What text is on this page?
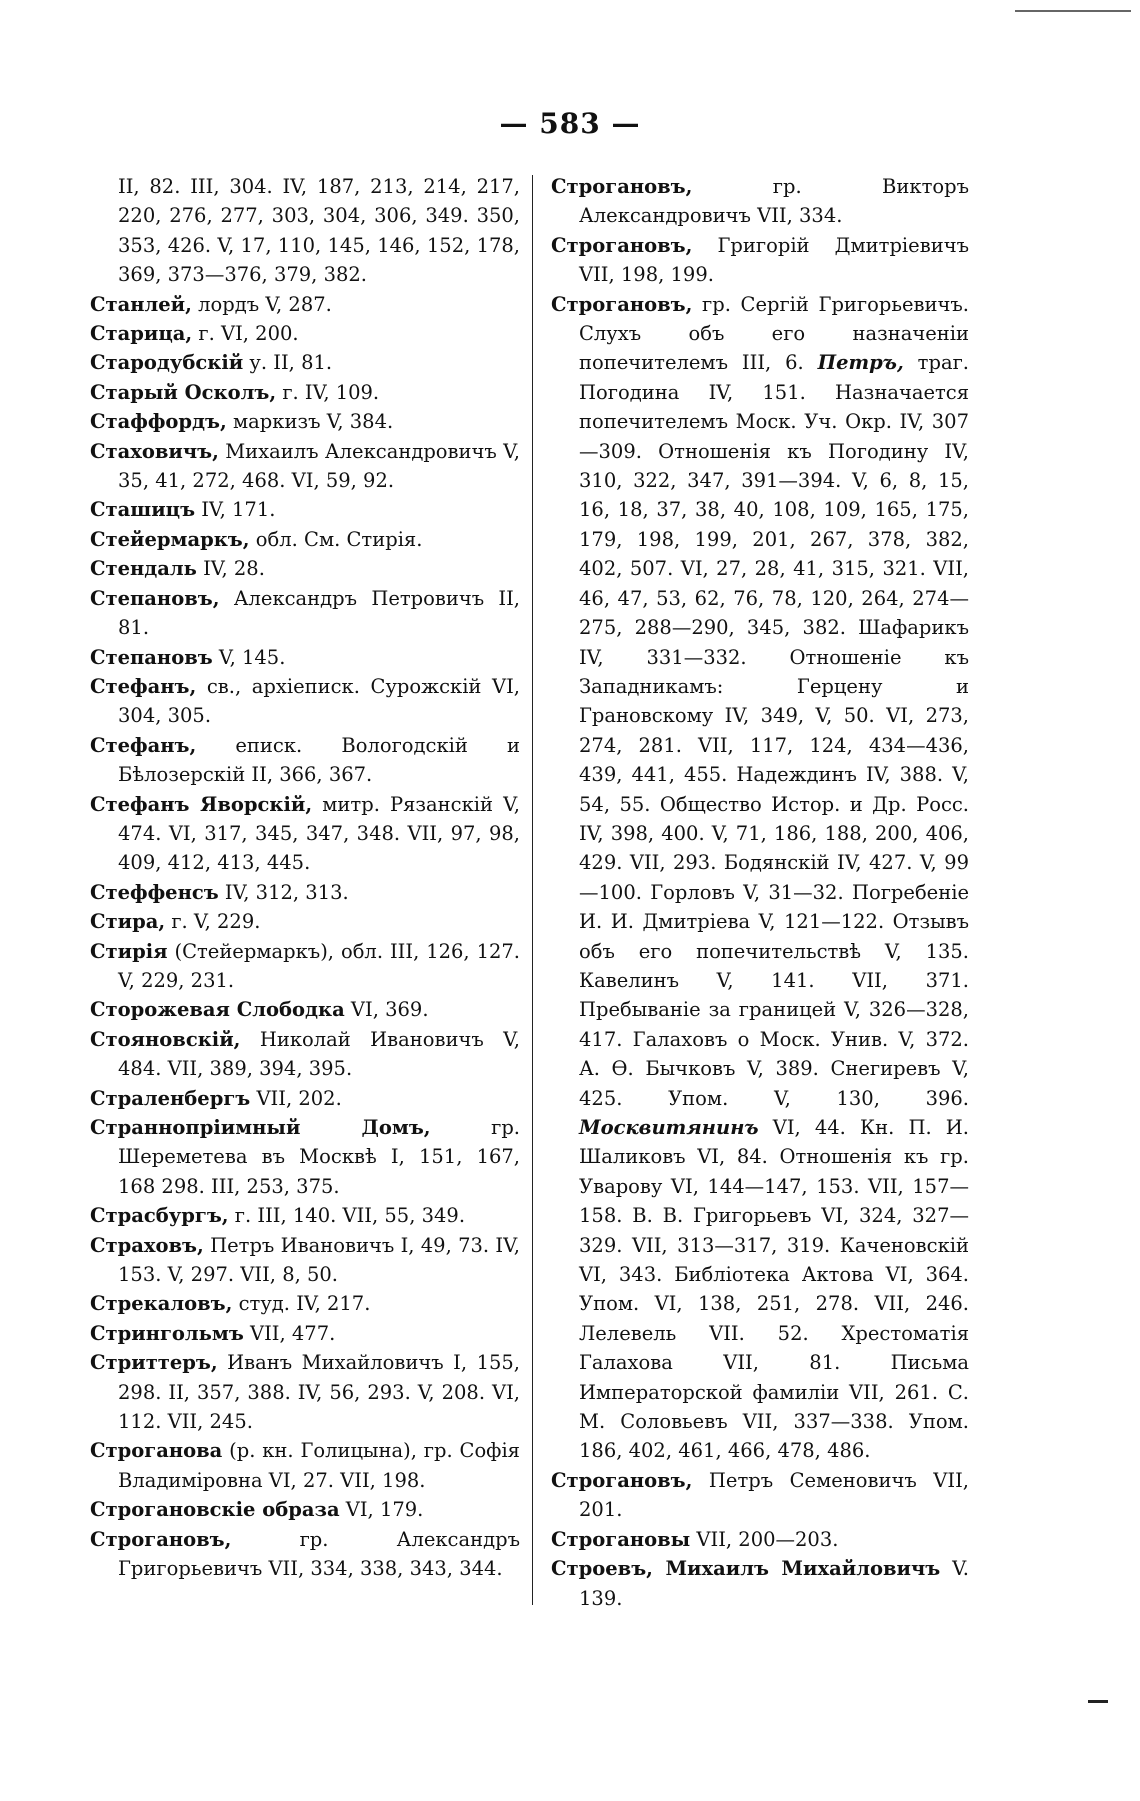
— 583 —
II, 82. III, 304. IV, 187, 213, 214, 217, 220, 276, 277, 303, 304, 306, 349. 350, 353, 426. V, 17, 110, 145, 146, 152, 178, 369, 373—376, 379, 382.
Станлей, лордъ V, 287.
Старица, г. VI, 200.
Стародубскій у. II, 81.
Старый Осколъ, г. IV, 109.
Стаффордъ, маркизъ V, 384.
Стаховичъ, Михаилъ Александровичъ V, 35, 41, 272, 468. VI, 59, 92.
Сташицъ IV, 171.
Стейермаркъ, обл. См. Стирія.
Стендаль IV, 28.
Степановъ, Александръ Петровичъ II, 81.
Степановъ V, 145.
Стефанъ, св., архіеписк. Сурожскій VI, 304, 305.
Стефанъ, еписк. Вологодскій и Бѣлозерскій II, 366, 367.
Стефанъ Яворскій, митр. Рязанскій V, 474. VI, 317, 345, 347, 348. VII, 97, 98, 409, 412, 413, 445.
Стеффенсъ IV, 312, 313.
Стира, г. V, 229.
Стирія (Стейермаркъ), обл. III, 126, 127. V, 229, 231.
Сторожевая Слободка VI, 369.
Стояновскій, Николай Ивановичъ V, 484. VII, 389, 394, 395.
Страленбергъ VII, 202.
Страннопріимный Домъ, гр. Шереметева въ Москвѣ I, 151, 167, 168 298. III, 253, 375.
Страсбургъ, г. III, 140. VII, 55, 349.
Страховъ, Петръ Ивановичъ I, 49, 73. IV, 153. V, 297. VII, 8, 50.
Стрекаловъ, студ. IV, 217.
Стрингольмъ VII, 477.
Стриттеръ, Иванъ Михайловичъ I, 155, 298. II, 357, 388. IV, 56, 293. V, 208. VI, 112. VII, 245.
Строганова (р. кн. Голицына), гр. Софія Владиміровна VI, 27. VII, 198.
Строгановскіе образа VI, 179.
Строгановъ, гр. Александръ Григорьевичъ VII, 334, 338, 343, 344.
Строгановъ, гр. Викторъ Александровичъ VII, 334.
Строгановъ, Григорій Дмитріевичъ VII, 198, 199.
Строгановъ, гр. Сергій Григорьевичъ. Слухъ объ его назначеніи попечителемъ III, 6. Петръ, траг. Погодина IV, 151. Назначается попечителемъ Моск. Уч. Окр. IV, 307—309. Отношенія къ Погодину IV, 310, 322, 347, 391—394. V, 6, 8, 15, 16, 18, 37, 38, 40, 108, 109, 165, 175, 179, 198, 199, 201, 267, 378, 382, 402, 507. VI, 27, 28, 41, 315, 321. VII, 46, 47, 53, 62, 76, 78, 120, 264, 274—275, 288—290, 345, 382. Шафарикъ IV, 331—332. Отношеніе къ Западникамъ: Герцену и Грановскому IV, 349, V, 50. VI, 273, 274, 281. VII, 117, 124, 434—436, 439, 441, 455. Надеждинъ IV, 388. V, 54, 55. Общество Истор. и Др. Росс. IV, 398, 400. V, 71, 186, 188, 200, 406, 429. VII, 293. Бодянскій IV, 427. V, 99—100. Горловъ V, 31—32. Погребеніе И. И. Дмитріева V, 121—122. Отзывъ объ его попечительствѣ V, 135. Кавелинъ V, 141. VII, 371. Пребываніе за границей V, 326—328, 417. Галаховъ о Моск. Унив. V, 372. А. Ѳ. Бычковъ V, 389. Снегиревъ V, 425. Упом. V, 130, 396. Москвитянинъ VI, 44. Кн. П. И. Шаликовъ VI, 84. Отношенія къ гр. Уварову VI, 144—147, 153. VII, 157—158. В. В. Григорьевъ VI, 324, 327—329. VII, 313—317, 319. Каченовскій VI, 343. Библіотека Актова VI, 364. Упом. VI, 138, 251, 278. VII, 246. Лелевель VII. 52. Хрестоматія Галахова VII, 81. Письма Императорской фамиліи VII, 261. С. М. Соловьевъ VII, 337—338. Упом. 186, 402, 461, 466, 478, 486.
Строгановъ, Петръ Семеновичъ VII, 201.
Строгановы VII, 200—203.
Строевъ, Михаилъ Михайловичъ V. 139.
